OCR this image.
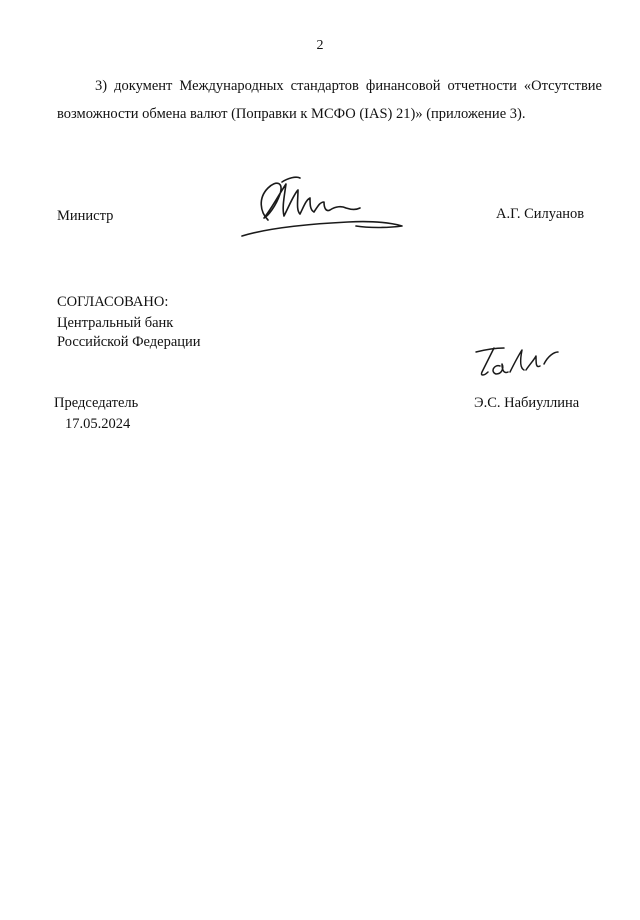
2
3) документ Международных стандартов финансовой отчетности «Отсутствие возможности обмена валют (Поправки к МСФО (IAS) 21)» (приложение 3).
Министр	А.Г. Силуанов
СОГЛАСОВАНО:
Центральный банк
Российской Федерации
Председатель
17.05.2024
Э.С. Набиуллина
